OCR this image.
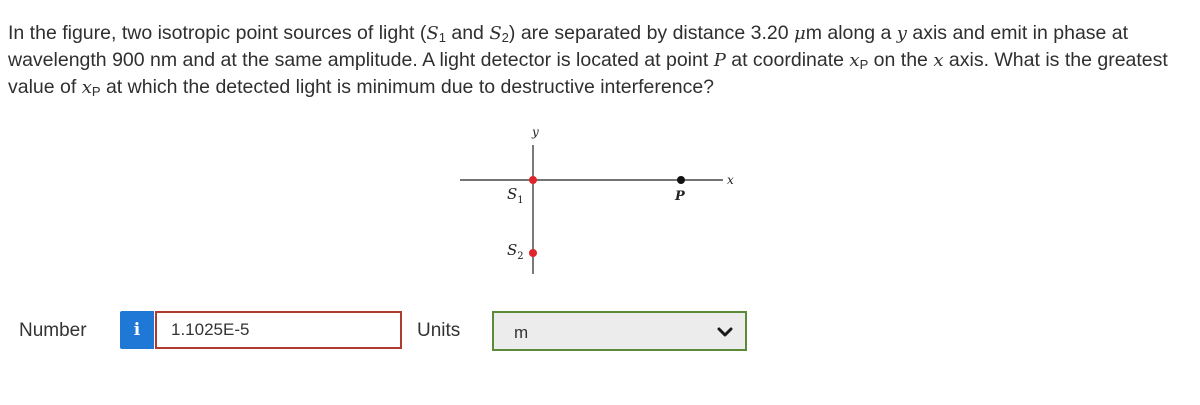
In the figure, two isotropic point sources of light ($S_1$ and $S_2$) are separated by distance 3.20 μm along a y axis and emit in phase at wavelength 900 nm and at the same amplitude. A light detector is located at point P at coordinate $x_P$ on the x axis. What is the greatest value of $x_P$ at which the detected light is minimum due to destructive interference?

y
x
$S_1$
$S_2$
P
Number	i
1.1025E-5	Units	m
